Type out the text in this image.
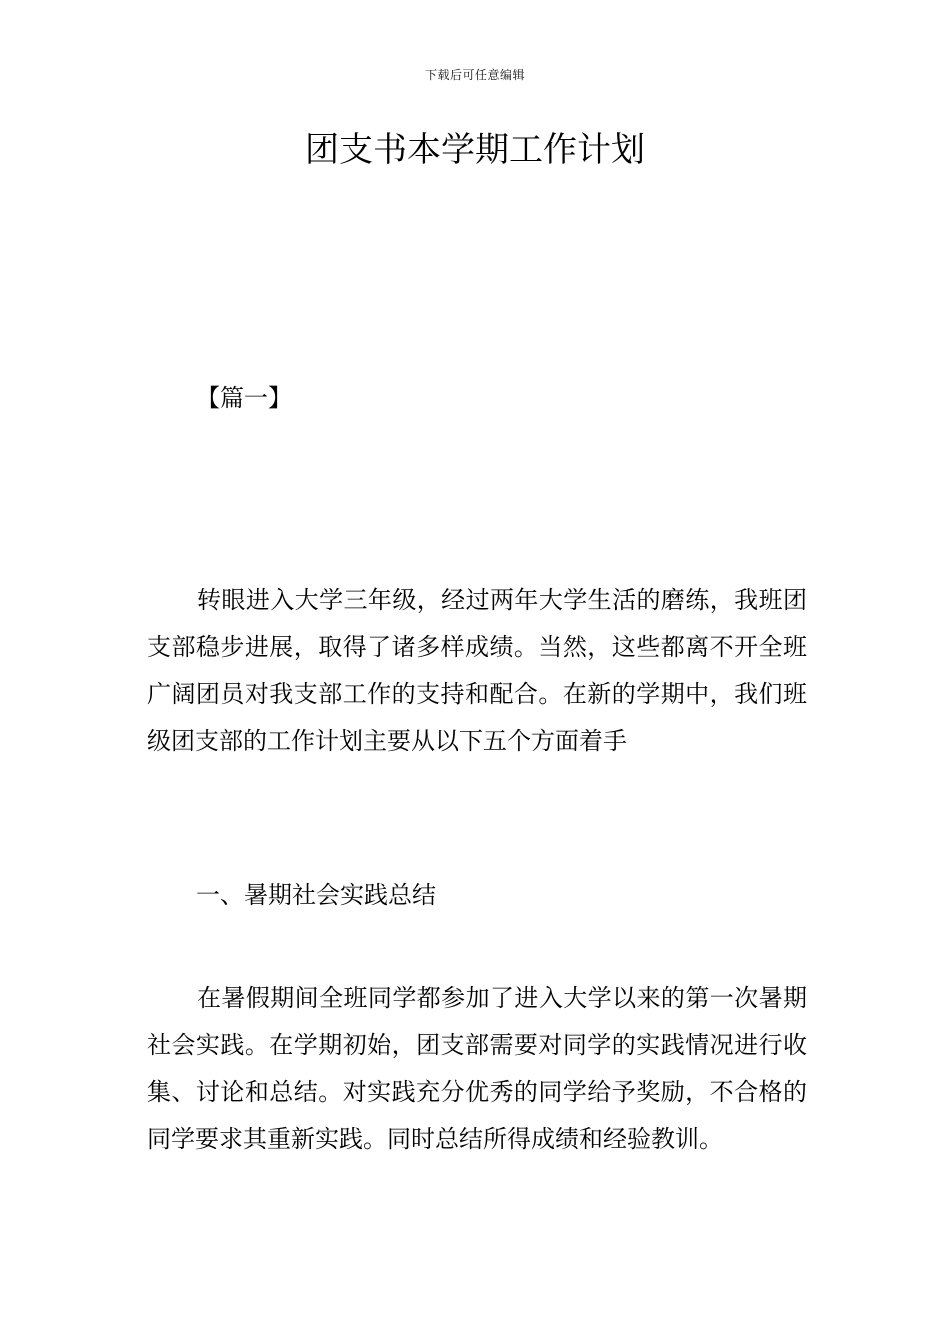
下载后可任意编辑
团支书本学期工作计划
【篇一】

转眼进入大学三年级，经过两年大学生活的磨练，我班团支部稳步进展，取得了诸多样成绩。当然，这些都离不开全班广阔团员对我支部工作的支持和配合。在新的学期中，我们班级团支部的工作计划主要从以下五个方面着手

一、暑期社会实践总结

在暑假期间全班同学都参加了进入大学以来的第一次暑期社会实践。在学期初始，团支部需要对同学的实践情况进行收集、讨论和总结。对实践充分优秀的同学给予奖励，不合格的同学要求其重新实践。同时总结所得成绩和经验教训。
